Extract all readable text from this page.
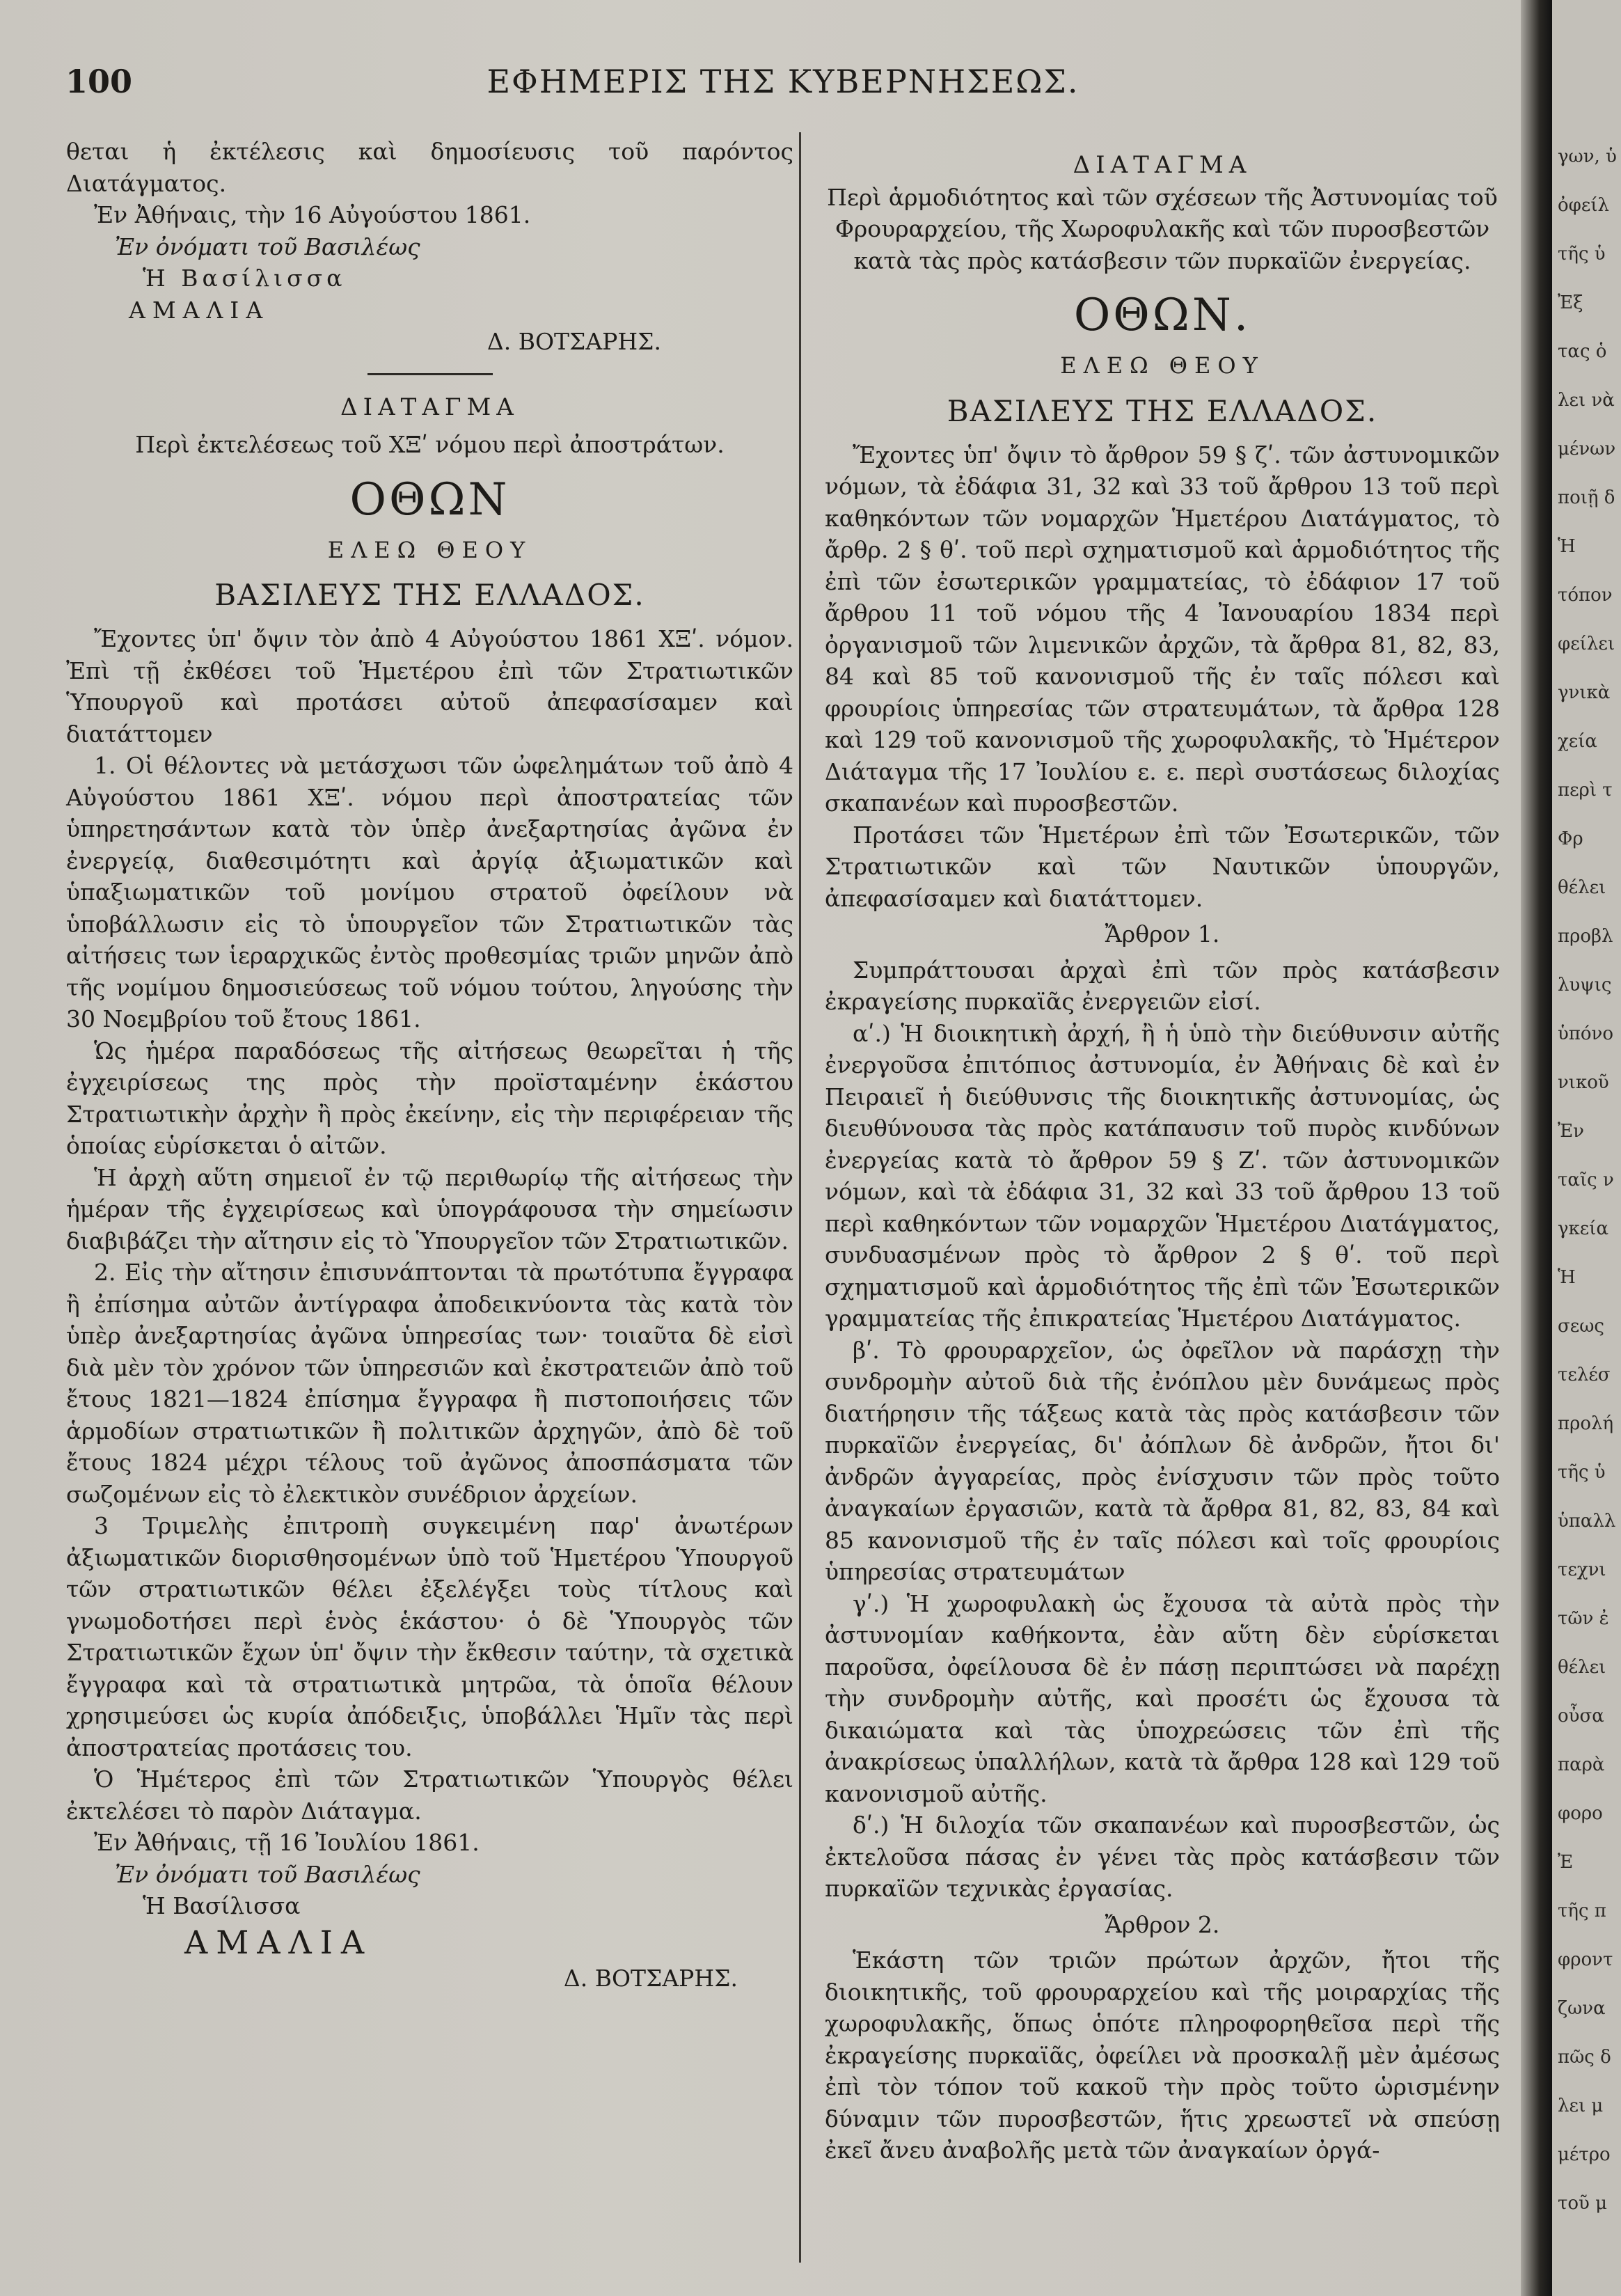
100	ΕΦΗΜΕΡΙΣ ΤΗΣ ΚΥΒΕΡΝΗΣΕΩΣ.

θεται ἡ ἐκτέλεσις καὶ δημοσίευσις τοῦ παρόντος Διατάγματος.

Ἐν Ἀθήναις, τὴν 16 Αὐγούστου 1861.

Ἐν ὀνόματι τοῦ Βασιλέως

Ἡ Βασίλισσα

ΑΜΑΛΙΑ

Δ. ΒΟΤΣΑΡΗΣ.

ΔΙΑΤΑΓΜΑ

Περὶ ἐκτελέσεως τοῦ ΧΞʹ νόμου περὶ ἀποστράτων.

ΟΘΩΝ

ΕΛΕΩ ΘΕΟΥ

ΒΑΣΙΛΕΥΣ ΤΗΣ ΕΛΛΑΔΟΣ.

Ἔχοντες ὑπ' ὄψιν τὸν ἀπὸ 4 Αὐγούστου 1861 ΧΞʹ. νόμον. Ἐπὶ τῇ ἐκθέσει τοῦ Ἡμετέρου ἐπὶ τῶν Στρατιωτικῶν Ὑπουργοῦ καὶ προτάσει αὐτοῦ ἀπεφασίσαμεν καὶ διατάττομεν

1. Οἱ θέλοντες νὰ μετάσχωσι τῶν ὠφελημάτων τοῦ ἀπὸ 4 Αὐγούστου 1861 ΧΞʹ. νόμου περὶ ἀποστρατείας τῶν ὑπηρετησάντων κατὰ τὸν ὑπὲρ ἀνεξαρτησίας ἀγῶνα ἐν ἐνεργείᾳ, διαθεσιμότητι καὶ ἀργίᾳ ἀξιωματικῶν καὶ ὑπαξιωματικῶν τοῦ μονίμου στρατοῦ ὀφείλουν νὰ ὑποβάλλωσιν εἰς τὸ ὑπουργεῖον τῶν Στρατιωτικῶν τὰς αἰτήσεις των ἱεραρχικῶς ἐντὸς προθεσμίας τριῶν μηνῶν ἀπὸ τῆς νομίμου δημοσιεύσεως τοῦ νόμου τούτου, ληγούσης τὴν 30 Νοεμβρίου τοῦ ἔτους 1861.

Ὡς ἡμέρα παραδόσεως τῆς αἰτήσεως θεωρεῖται ἡ τῆς ἐγχειρίσεως της πρὸς τὴν προϊσταμένην ἑκάστου Στρατιωτικὴν ἀρχὴν ἢ πρὸς ἐκείνην, εἰς τὴν περιφέρειαν τῆς ὁποίας εὑρίσκεται ὁ αἰτῶν.

Ἡ ἀρχὴ αὕτη σημειοῖ ἐν τῷ περιθωρίῳ τῆς αἰτήσεως τὴν ἡμέραν τῆς ἐγχειρίσεως καὶ ὑπογράφουσα τὴν σημείωσιν διαβιβάζει τὴν αἴτησιν εἰς τὸ Ὑπουργεῖον τῶν Στρατιωτικῶν.

2. Εἰς τὴν αἴτησιν ἐπισυνάπτονται τὰ πρωτότυπα ἔγγραφα ἢ ἐπίσημα αὐτῶν ἀντίγραφα ἀποδεικνύοντα τὰς κατὰ τὸν ὑπὲρ ἀνεξαρτησίας ἀγῶνα ὑπηρεσίας των· τοιαῦτα δὲ εἰσὶ διὰ μὲν τὸν χρόνον τῶν ὑπηρεσιῶν καὶ ἐκστρατειῶν ἀπὸ τοῦ ἔτους 1821—1824 ἐπίσημα ἔγγραφα ἢ πιστοποιήσεις τῶν ἁρμοδίων στρατιωτικῶν ἢ πολιτικῶν ἀρχηγῶν, ἀπὸ δὲ τοῦ ἔτους 1824 μέχρι τέλους τοῦ ἀγῶνος ἀποσπάσματα τῶν σωζομένων εἰς τὸ ἐλεκτικὸν συνέδριον ἀρχείων.

3 Τριμελὴς ἐπιτροπὴ συγκειμένη παρ' ἀνωτέρων ἀξιωματικῶν διορισθησομένων ὑπὸ τοῦ Ἡμετέρου Ὑπουργοῦ τῶν στρατιωτικῶν θέλει ἐξελέγξει τοὺς τίτλους καὶ γνωμοδοτήσει περὶ ἑνὸς ἑκάστου· ὁ δὲ Ὑπουργὸς τῶν Στρατιωτικῶν ἔχων ὑπ' ὄψιν τὴν ἔκθεσιν ταύτην, τὰ σχετικὰ ἔγγραφα καὶ τὰ στρατιωτικὰ μητρῶα, τὰ ὁποῖα θέλουν χρησιμεύσει ὡς κυρία ἀπόδειξις, ὑποβάλλει Ἡμῖν τὰς περὶ ἀποστρατείας προτάσεις του.

Ὁ Ἡμέτερος ἐπὶ τῶν Στρατιωτικῶν Ὑπουργὸς θέλει ἐκτελέσει τὸ παρὸν Διάταγμα.

Ἐν Ἀθήναις, τῇ 16 Ἰουλίου 1861.

Ἐν ὀνόματι τοῦ Βασιλέως

Ἡ Βασίλισσα

ΑΜΑΛΙΑ

Δ. ΒΟΤΣΑΡΗΣ.

ΔΙΑΤΑΓΜΑ

Περὶ ἁρμοδιότητος καὶ τῶν σχέσεων τῆς Ἀστυνομίας τοῦ Φρουραρχείου, τῆς Χωροφυλακῆς καὶ τῶν πυροσβεστῶν κατὰ τὰς πρὸς κατάσβεσιν τῶν πυρκαϊῶν ἐνεργείας.

ΟΘΩΝ.

ΕΛΕΩ ΘΕΟΥ

ΒΑΣΙΛΕΥΣ ΤΗΣ ΕΛΛΑΔΟΣ.

Ἔχοντες ὑπ' ὄψιν τὸ ἄρθρον 59 § ζʹ. τῶν ἀστυνομικῶν νόμων, τὰ ἐδάφια 31, 32 καὶ 33 τοῦ ἄρθρου 13 τοῦ περὶ καθηκόντων τῶν νομαρχῶν Ἡμετέρου Διατάγματος, τὸ ἄρθρ. 2 § θʹ. τοῦ περὶ σχηματισμοῦ καὶ ἁρμοδιότητος τῆς ἐπὶ τῶν ἐσωτερικῶν γραμματείας, τὸ ἐδάφιον 17 τοῦ ἄρθρου 11 τοῦ νόμου τῆς 4 Ἰανουαρίου 1834 περὶ ὀργανισμοῦ τῶν λιμενικῶν ἀρχῶν, τὰ ἄρθρα 81, 82, 83, 84 καὶ 85 τοῦ κανονισμοῦ τῆς ἐν ταῖς πόλεσι καὶ φρουρίοις ὑπηρεσίας τῶν στρατευμάτων, τὰ ἄρθρα 128 καὶ 129 τοῦ κανονισμοῦ τῆς χωροφυλακῆς, τὸ Ἡμέτερον Διάταγμα τῆς 17 Ἰουλίου ε. ε. περὶ συστάσεως διλοχίας σκαπανέων καὶ πυροσβεστῶν.

Προτάσει τῶν Ἡμετέρων ἐπὶ τῶν Ἐσωτερικῶν, τῶν Στρατιωτικῶν καὶ τῶν Ναυτικῶν ὑπουργῶν, ἀπεφασίσαμεν καὶ διατάττομεν.

Ἄρθρον 1.

Συμπράττουσαι ἀρχαὶ ἐπὶ τῶν πρὸς κατάσβεσιν ἐκραγείσης πυρκαϊᾶς ἐνεργειῶν εἰσί.

αʹ.) Ἡ διοικητικὴ ἀρχή, ἢ ἡ ὑπὸ τὴν διεύθυνσιν αὐτῆς ἐνεργοῦσα ἐπιτόπιος ἀστυνομία, ἐν Ἀθήναις δὲ καὶ ἐν Πειραιεῖ ἡ διεύθυνσις τῆς διοικητικῆς ἀστυνομίας, ὡς διευθύνουσα τὰς πρὸς κατάπαυσιν τοῦ πυρὸς κινδύνων ἐνεργείας κατὰ τὸ ἄρθρον 59 § Ζʹ. τῶν ἀστυνομικῶν νόμων, καὶ τὰ ἐδάφια 31, 32 καὶ 33 τοῦ ἄρθρου 13 τοῦ περὶ καθηκόντων τῶν νομαρχῶν Ἡμετέρου Διατάγματος, συνδυασμένων πρὸς τὸ ἄρθρον 2 § θʹ. τοῦ περὶ σχηματισμοῦ καὶ ἁρμοδιότητος τῆς ἐπὶ τῶν Ἐσωτερικῶν γραμματείας τῆς ἐπικρατείας Ἡμετέρου Διατάγματος.

βʹ. Τὸ φρουραρχεῖον, ὡς ὀφεῖλον νὰ παράσχῃ τὴν συνδρομὴν αὐτοῦ διὰ τῆς ἐνόπλου μὲν δυνάμεως πρὸς διατήρησιν τῆς τάξεως κατὰ τὰς πρὸς κατάσβεσιν τῶν πυρκαϊῶν ἐνεργείας, δι' ἀόπλων δὲ ἀνδρῶν, ἤτοι δι' ἀνδρῶν ἀγγαρείας, πρὸς ἐνίσχυσιν τῶν πρὸς τοῦτο ἀναγκαίων ἐργασιῶν, κατὰ τὰ ἄρθρα 81, 82, 83, 84 καὶ 85 κανονισμοῦ τῆς ἐν ταῖς πόλεσι καὶ τοῖς φρουρίοις ὑπηρεσίας στρατευμάτων

γʹ.) Ἡ χωροφυλακὴ ὡς ἔχουσα τὰ αὐτὰ πρὸς τὴν ἀστυνομίαν καθήκοντα, ἐὰν αὕτη δὲν εὑρίσκεται παροῦσα, ὀφείλουσα δὲ ἐν πάσῃ περιπτώσει νὰ παρέχῃ τὴν συνδρομὴν αὐτῆς, καὶ προσέτι ὡς ἔχουσα τὰ δικαιώματα καὶ τὰς ὑποχρεώσεις τῶν ἐπὶ τῆς ἀνακρίσεως ὑπαλλήλων, κατὰ τὰ ἄρθρα 128 καὶ 129 τοῦ κανονισμοῦ αὐτῆς.

δʹ.) Ἡ διλοχία τῶν σκαπανέων καὶ πυροσβεστῶν, ὡς ἐκτελοῦσα πάσας ἐν γένει τὰς πρὸς κατάσβεσιν τῶν πυρκαϊῶν τεχνικὰς ἐργασίας.

Ἄρθρον 2.

Ἑκάστη τῶν τριῶν πρώτων ἀρχῶν, ἤτοι τῆς διοικητικῆς, τοῦ φρουραρχείου καὶ τῆς μοιραρχίας τῆς χωροφυλακῆς, ὅπως ὁπότε πληροφορηθεῖσα περὶ τῆς ἐκραγείσης πυρκαϊᾶς, ὀφείλει νὰ προσκαλῇ μὲν ἀμέσως ἐπὶ τὸν τόπον τοῦ κακοῦ τὴν πρὸς τοῦτο ὡρισμένην δύναμιν τῶν πυροσβεστῶν, ἥτις χρεωστεῖ νὰ σπεύσῃ ἐκεῖ ἄνευ ἀναβολῆς μετὰ τῶν ἀναγκαίων ὀργά-

γων, ὑ
ὀφείλ
τῆς ὑ
Ἐξ
τας ὁ
λει νὰ
μένων
ποιῇ δ
Ἡ
τόπον
φείλει
γνικὰ
χεία
περὶ τ
Φρ
θέλει
προβλ
λυψις
ὑπόνο
νικοῦ
Ἐν
ταῖς ν
γκεία
Ἡ
σεως
τελέσ
προλή
τῆς ὑ
ὑπαλλ
τεχνι
τῶν ἐ
θέλει
οὖσα
παρὰ
φορο
Ἐ
τῆς π
φροντ
ζωνα
πῶς δ
λει μ
μέτρο
τοῦ μ
